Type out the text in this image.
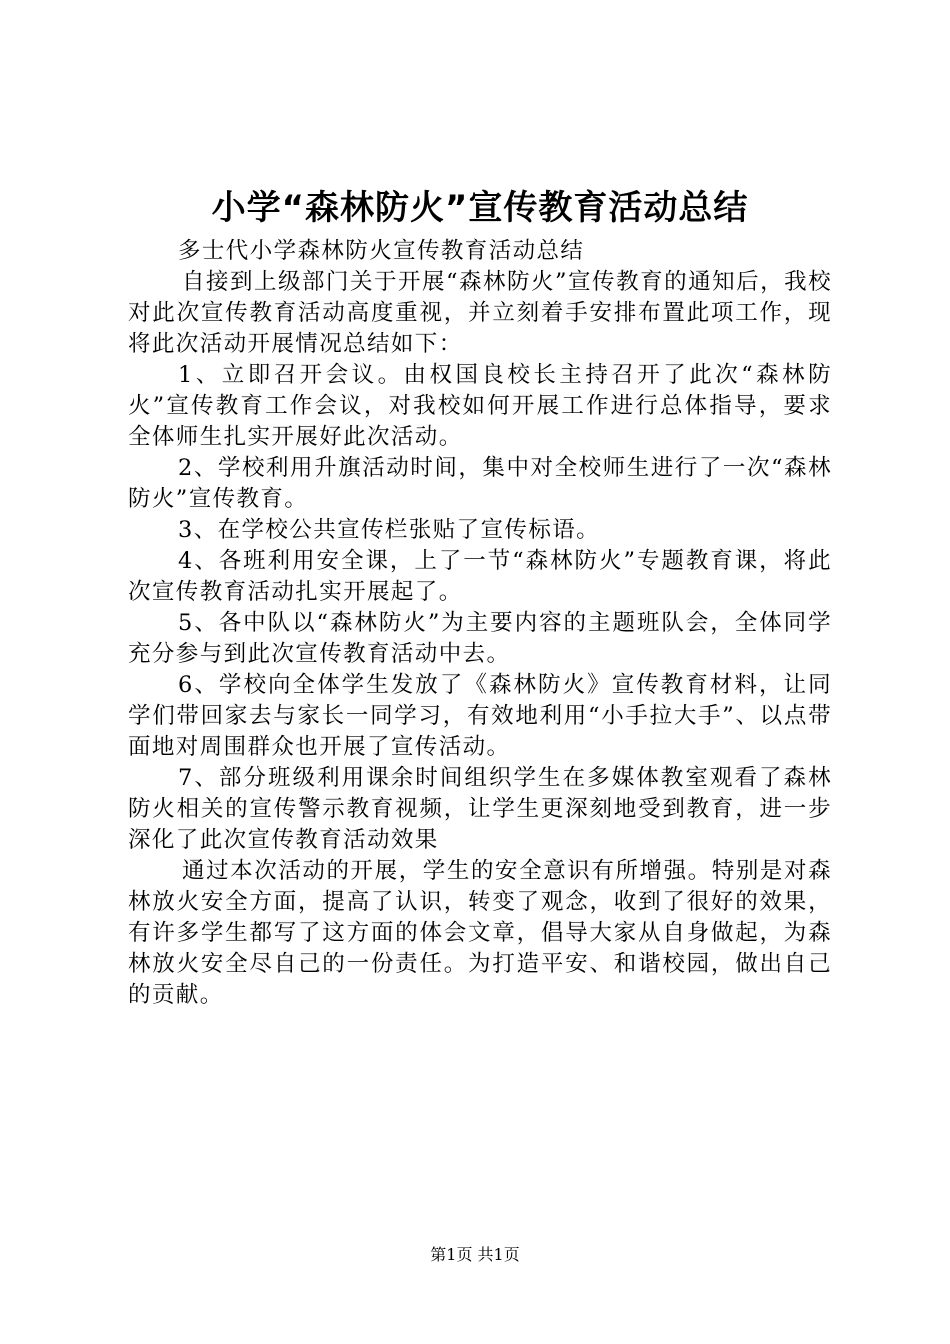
小学“森林防火”宣传教育活动总结

多士代小学森林防火宣传教育活动总结

自接到上级部门关于开展“森林防火”宣传教育的通知后，我校对此次宣传教育活动高度重视，并立刻着手安排布置此项工作，现将此次活动开展情况总结如下：

1、立即召开会议。由权国良校长主持召开了此次“森林防火”宣传教育工作会议，对我校如何开展工作进行总体指导，要求全体师生扎实开展好此次活动。

2、学校利用升旗活动时间，集中对全校师生进行了一次“森林防火”宣传教育。

3、在学校公共宣传栏张贴了宣传标语。

4、各班利用安全课，上了一节“森林防火”专题教育课，将此次宣传教育活动扎实开展起了。

5、各中队以“森林防火”为主要内容的主题班队会，全体同学充分参与到此次宣传教育活动中去。

6、学校向全体学生发放了《森林防火》宣传教育材料，让同学们带回家去与家长一同学习，有效地利用“小手拉大手”、以点带面地对周围群众也开展了宣传活动。

7、部分班级利用课余时间组织学生在多媒体教室观看了森林防火相关的宣传警示教育视频，让学生更深刻地受到教育，进一步深化了此次宣传教育活动效果

通过本次活动的开展，学生的安全意识有所增强。特别是对森林放火安全方面，提高了认识，转变了观念，收到了很好的效果，有许多学生都写了这方面的体会文章，倡导大家从自身做起，为森林放火安全尽自己的一份责任。为打造平安、和谐校园，做出自己的贡献。

第1页 共1页
